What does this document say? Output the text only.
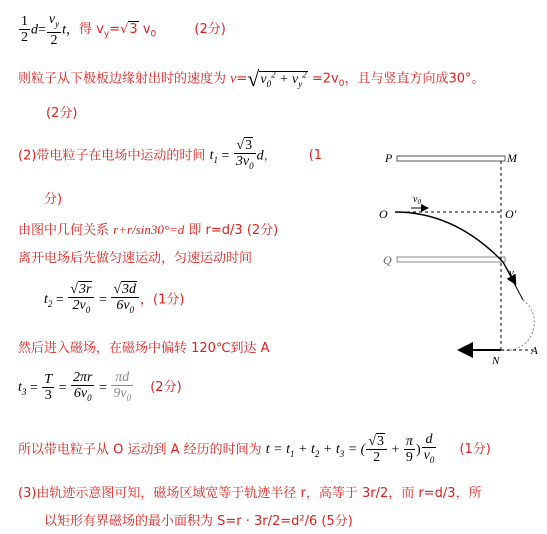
$\frac{1}{2} d= \frac{v_y}{2}$ t，得 $v_y=√3$ $v_0$	(2分)
则粒子从下极板边缘射出时的速度为 $v=√v_0^2 + v_y^2 =2v_0$，且与竖直方向成30°。
(2分)
(2)带电粒子在电场中运动的时间 $t_1 = \frac{√3}{3v_0}$ d， (1
分)
由图中几何关系 r+r/sin30°=d 即 r=d/3 (2分)
离开电场后先做匀速运动，匀速运动时间
$t_2 = \frac{√3r}{2v_0} = \frac{√3d}{6v_0}$ ，(1分)
然后进入磁场，在磁场中偏转 120℃到达 A
$t_3 = \frac{T}{3} = \frac{2\pi r}{6v_0} = \frac{\pi d}{9v_0} (2$分)
所以带电粒子从 O 运动到 A 经历的时间为 $t = t_1 + t_2 + t_3$ = ( $\frac{√3}{2} + \frac{\pi}{9}$ ) $\frac{d}{v_0} (1$分)
(3)由轨迹示意图可知，磁场区域宽等于轨迹半径 r，高等于 3r/2，而 r=d/3，所
以矩形有界磁场的最小面积为 S=r · 3r/2=d²/6 (5分)
P	M
O
$v_0$
O'
Q
v
N
A
